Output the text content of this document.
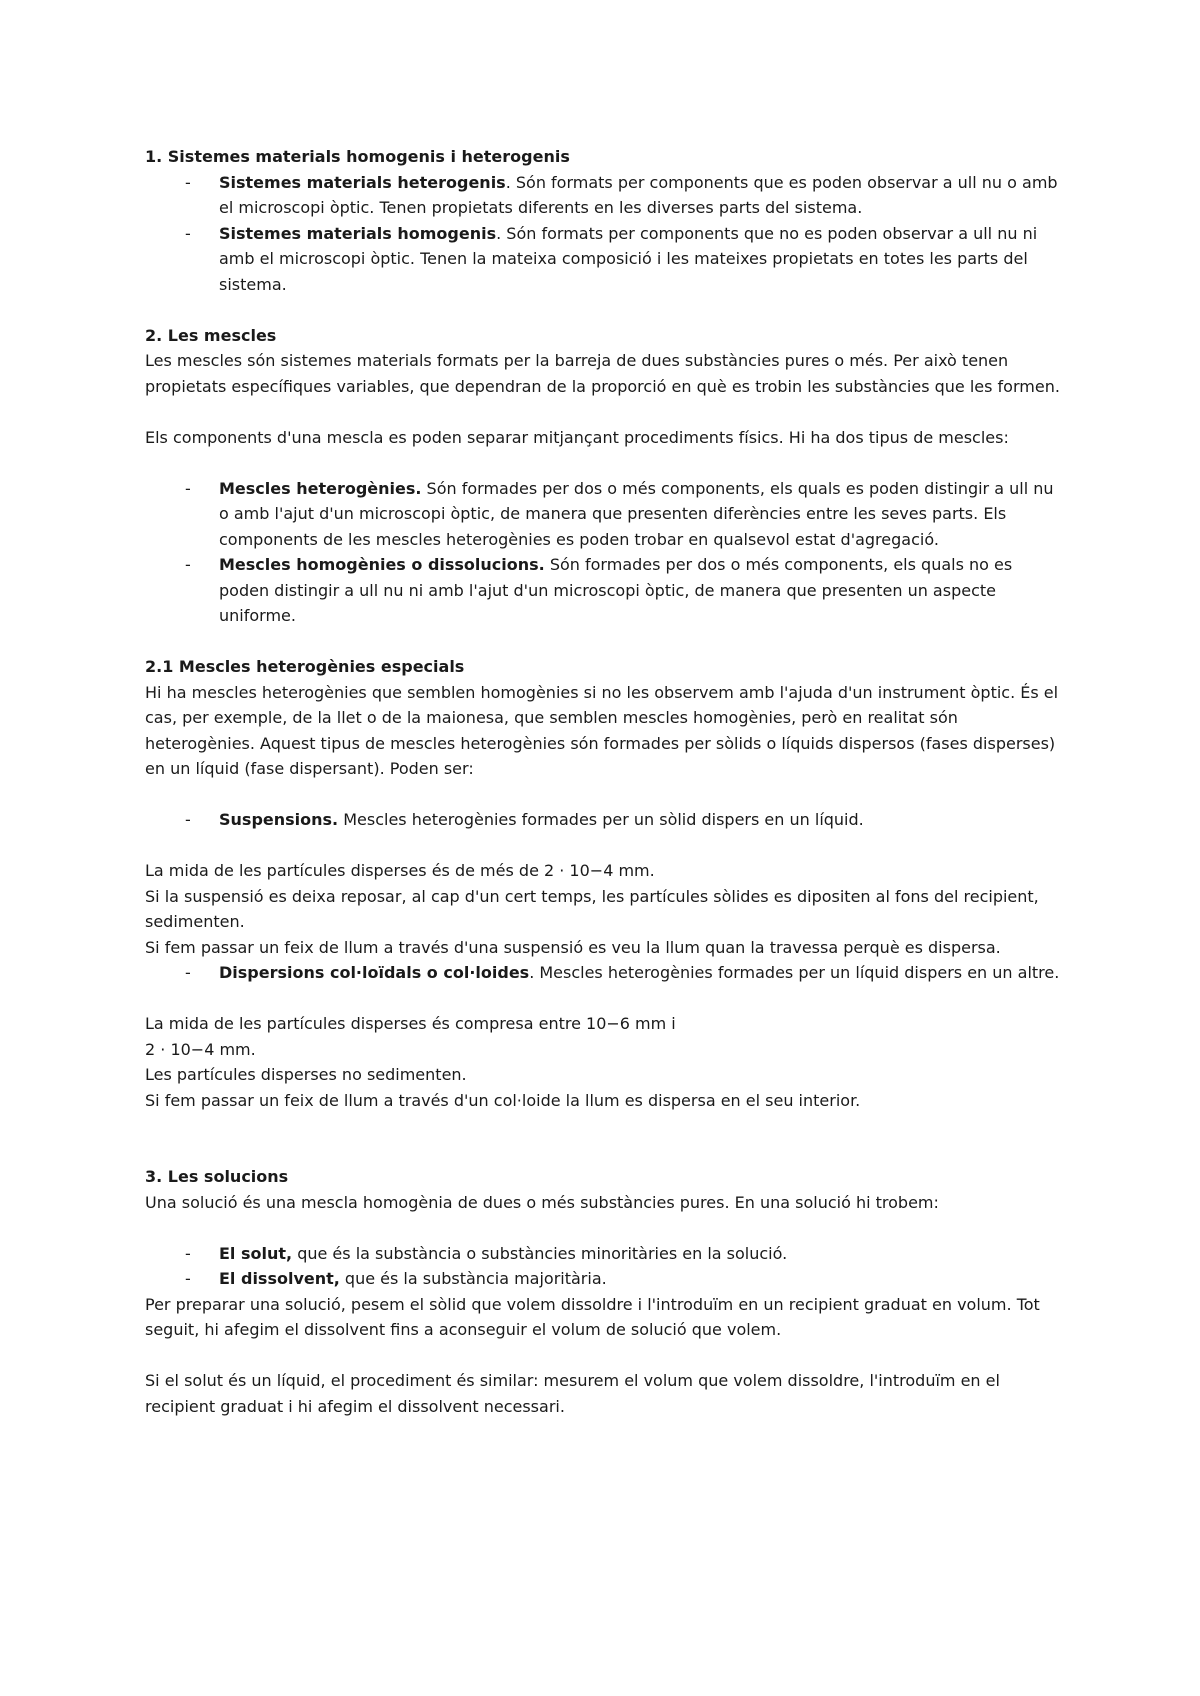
1. Sistemes materials homogenis i heterogenis

- Sistemes materials heterogenis. Són formats per components que es poden observar a ull nu o amb el microscopi òptic. Tenen propietats diferents en les diverses parts del sistema.
- Sistemes materials homogenis. Són formats per components que no es poden observar a ull nu ni amb el microscopi òptic. Tenen la mateixa composició i les mateixes propietats en totes les parts del sistema.

2. Les mescles

Les mescles són sistemes materials formats per la barreja de dues substàncies pures o més. Per això tenen propietats específiques variables, que dependran de la proporció en què es trobin les substàncies que les formen.

Els components d'una mescla es poden separar mitjançant procediments físics. Hi ha dos tipus de mescles:

- Mescles heterogènies. Són formades per dos o més components, els quals es poden distingir a ull nu o amb l'ajut d'un microscopi òptic, de manera que presenten diferències entre les seves parts. Els components de les mescles heterogènies es poden trobar en qualsevol estat d'agregació.
- Mescles homogènies o dissolucions. Són formades per dos o més components, els quals no es poden distingir a ull nu ni amb l'ajut d'un microscopi òptic, de manera que presenten un aspecte uniforme.

2.1 Mescles heterogènies especials

Hi ha mescles heterogènies que semblen homogènies si no les observem amb l'ajuda d'un instrument òptic. És el cas, per exemple, de la llet o de la maionesa, que semblen mescles homogènies, però en realitat són heterogènies. Aquest tipus de mescles heterogènies són formades per sòlids o líquids dispersos (fases disperses) en un líquid (fase dispersant). Poden ser:

- Suspensions. Mescles heterogènies formades per un sòlid dispers en un líquid.

La mida de les partícules disperses és de més de 2 · 10−4 mm.

Si la suspensió es deixa reposar, al cap d'un cert temps, les partícules sòlides es dipositen al fons del recipient, sedimenten.

Si fem passar un feix de llum a través d'una suspensió es veu la llum quan la travessa perquè es dispersa.

- Dispersions col·loïdals o col·loides. Mescles heterogènies formades per un líquid dispers en un altre.

La mida de les partícules disperses és compresa entre 10−6 mm i

2 · 10−4 mm.

Les partícules disperses no sedimenten.

Si fem passar un feix de llum a través d'un col·loide la llum es dispersa en el seu interior.

3. Les solucions

Una solució és una mescla homogènia de dues o més substàncies pures. En una solució hi trobem:

- El solut, que és la substància o substàncies minoritàries en la solució.
- El dissolvent, que és la substància majoritària.

Per preparar una solució, pesem el sòlid que volem dissoldre i l'introduïm en un recipient graduat en volum. Tot seguit, hi afegim el dissolvent fins a aconseguir el volum de solució que volem.

Si el solut és un líquid, el procediment és similar: mesurem el volum que volem dissoldre, l'introduïm en el recipient graduat i hi afegim el dissolvent necessari.
